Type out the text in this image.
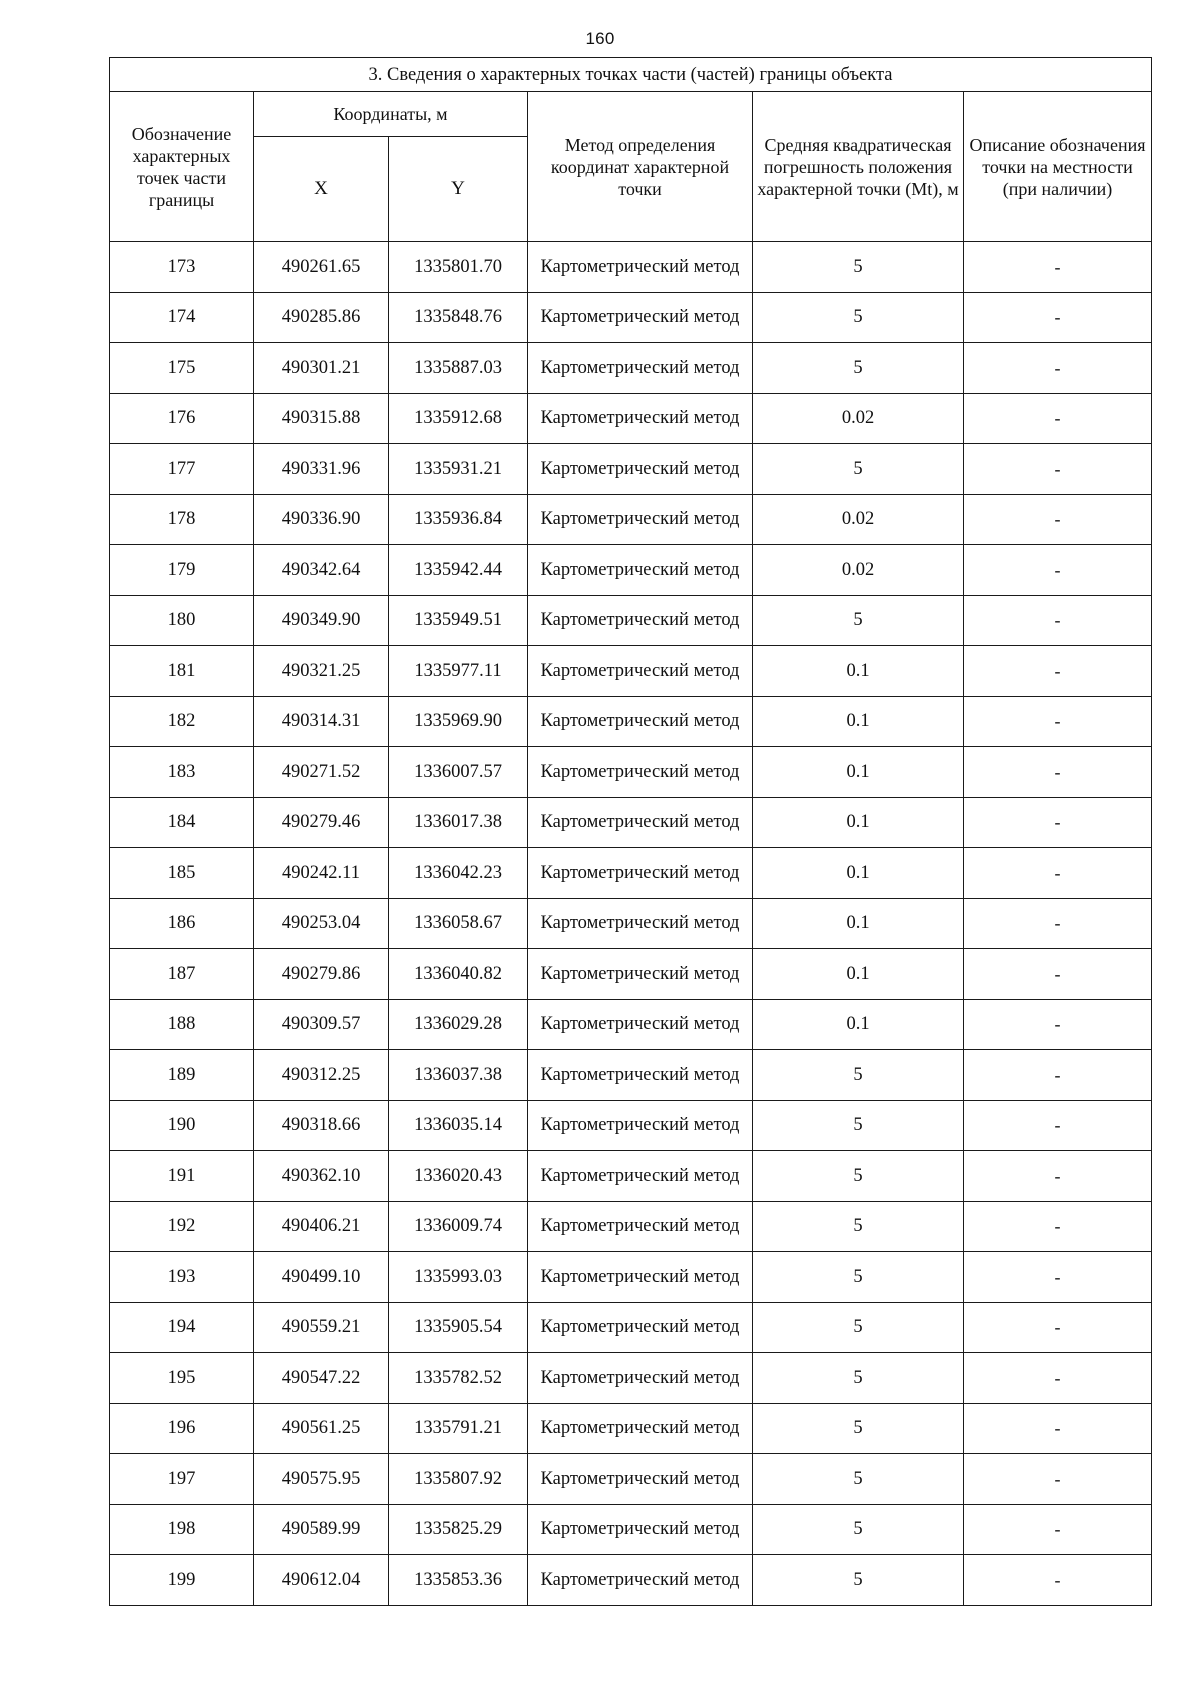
160
3. Сведения о характерных точках части (частей) границы объекта					
Обозначение характерных точек части границы	Координаты, м		Метод определения координат характерной точки	Средняя квадратическая погрешность положения характерной точки (Mt), м	Описание обозначения точки на местности (при наличии)
	X	Y			
173	490261.65	1335801.70	Картометрический метод	5	-
174	490285.86	1335848.76	Картометрический метод	5	-
175	490301.21	1335887.03	Картометрический метод	5	-
176	490315.88	1335912.68	Картометрический метод	0.02	-
177	490331.96	1335931.21	Картометрический метод	5	-
178	490336.90	1335936.84	Картометрический метод	0.02	-
179	490342.64	1335942.44	Картометрический метод	0.02	-
180	490349.90	1335949.51	Картометрический метод	5	-
181	490321.25	1335977.11	Картометрический метод	0.1	-
182	490314.31	1335969.90	Картометрический метод	0.1	-
183	490271.52	1336007.57	Картометрический метод	0.1	-
184	490279.46	1336017.38	Картометрический метод	0.1	-
185	490242.11	1336042.23	Картометрический метод	0.1	-
186	490253.04	1336058.67	Картометрический метод	0.1	-
187	490279.86	1336040.82	Картометрический метод	0.1	-
188	490309.57	1336029.28	Картометрический метод	0.1	-
189	490312.25	1336037.38	Картометрический метод	5	-
190	490318.66	1336035.14	Картометрический метод	5	-
191	490362.10	1336020.43	Картометрический метод	5	-
192	490406.21	1336009.74	Картометрический метод	5	-
193	490499.10	1335993.03	Картометрический метод	5	-
194	490559.21	1335905.54	Картометрический метод	5	-
195	490547.22	1335782.52	Картометрический метод	5	-
196	490561.25	1335791.21	Картометрический метод	5	-
197	490575.95	1335807.92	Картометрический метод	5	-
198	490589.99	1335825.29	Картометрический метод	5	-
199	490612.04	1335853.36	Картометрический метод	5	-
